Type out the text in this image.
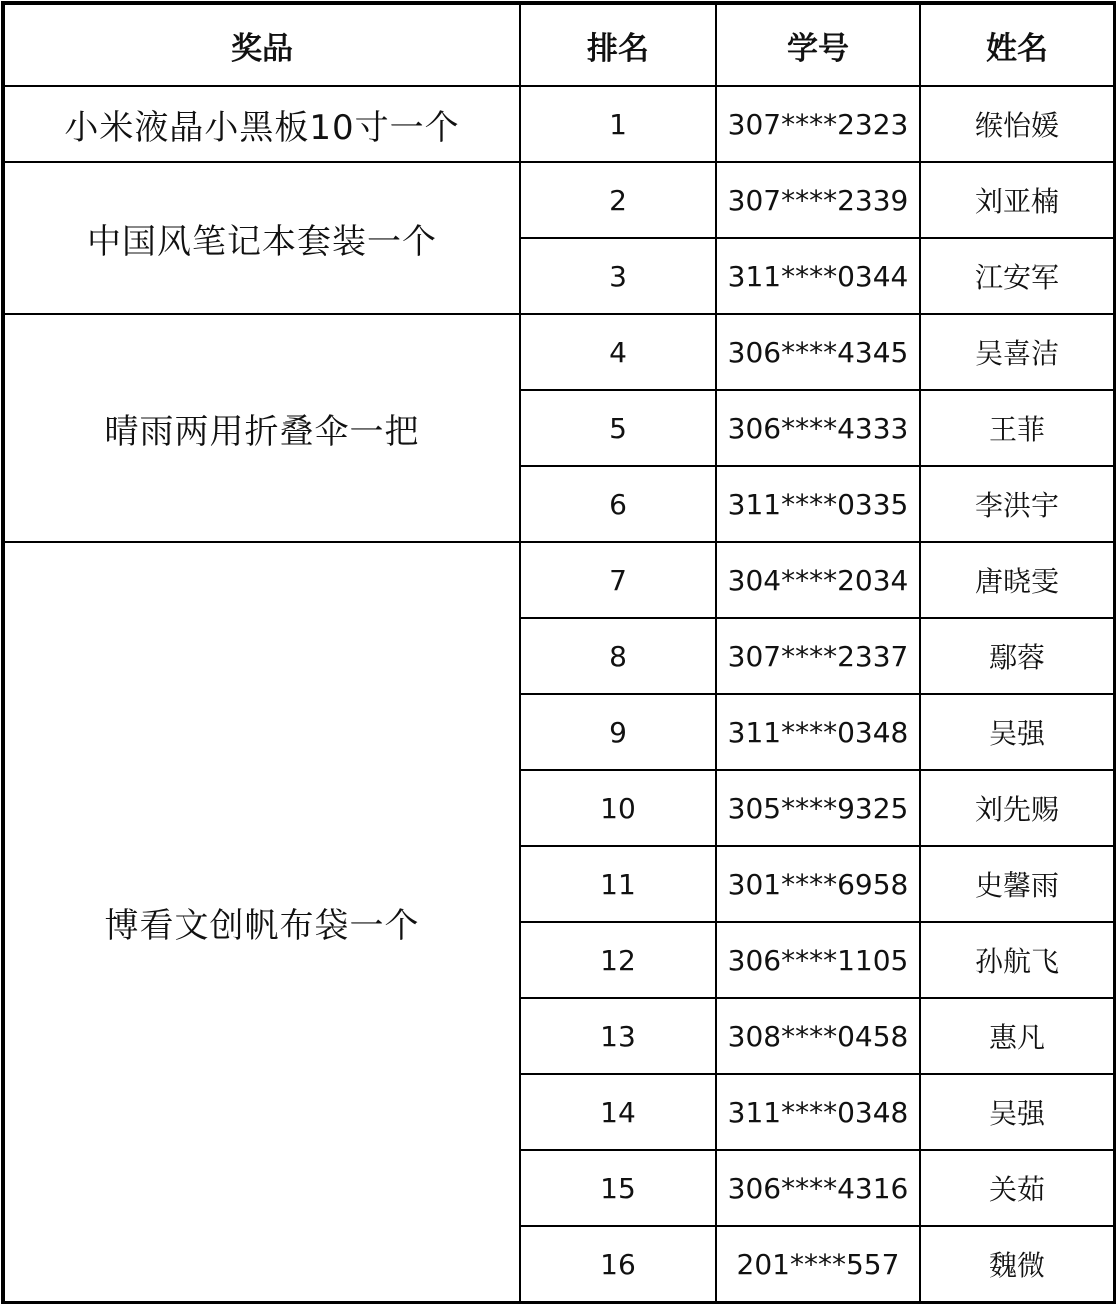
奖品	排名	学号	姓名
小米液晶小黑板10寸一个	1	307****2323	缑怡媛
中国风笔记本套装一个	2	307****2339	刘亚楠
	3	311****0344	江安军
晴雨两用折叠伞一把	4	306****4345	吴喜洁
	5	306****4333	王菲
	6	311****0335	李洪宇
博看文创帆布袋一个	7	304****2034	唐晓雯
	8	307****2337	鄢蓉
	9	311****0348	吴强
	10	305****9325	刘先赐
	11	301****6958	史馨雨
	12	306****1105	孙航飞
	13	308****0458	惠凡
	14	311****0348	吴强
	15	306****4316	关茹
	16	201****557	魏微
